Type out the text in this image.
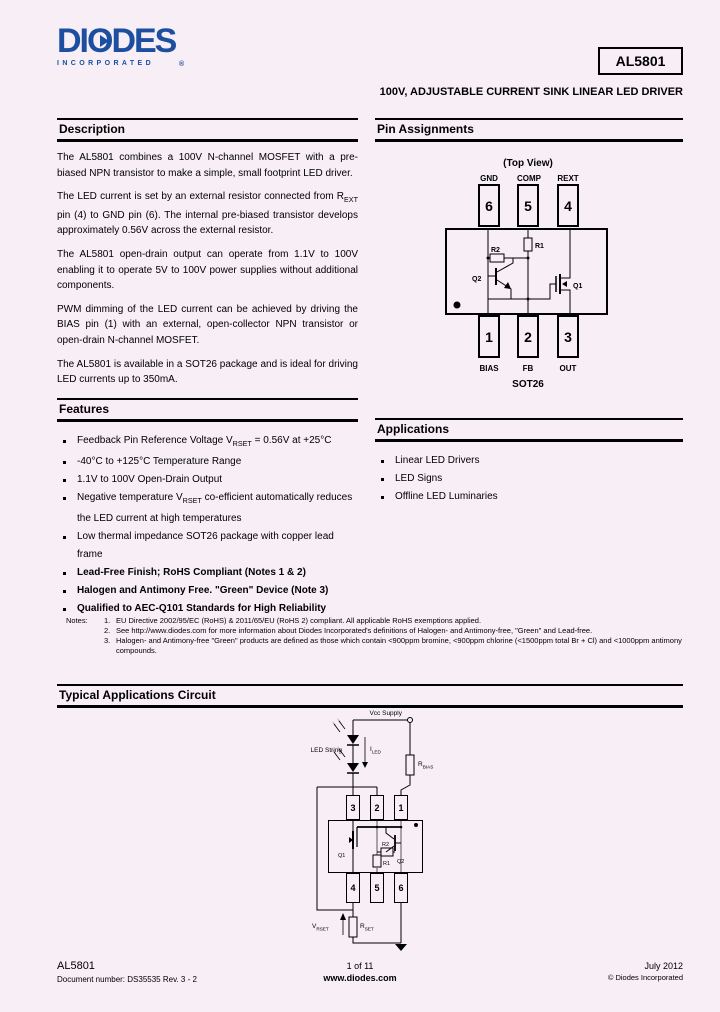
DIODES
®
INCORPORATED	AL5801
100V, ADJUSTABLE CURRENT SINK LINEAR LED DRIVER
Description

The AL5801 combines a 100V N-channel MOSFET with a pre-biased NPN transistor to make a simple, small footprint LED driver.

The LED current is set by an external resistor connected from $R_{EXT}$ pin (4) to GND pin (6). The internal pre-biased transistor develops approximately 0.56V across the external resistor.

The AL5801 open-drain output can operate from 1.1V to 100V enabling it to operate 5V to 100V power supplies without additional components.

PWM dimming of the LED current can be achieved by driving the BIAS pin (1) with an external, open-collector NPN transistor or open-drain N-channel MOSFET.

The AL5801 is available in a SOT26 package and is ideal for driving LED currents up to 350mA.

Features
Feedback Pin Reference Voltage $V_{RSET} = 0.56V$ at +25°C
-40°C to +125°C Temperature Range
1.1V to 100V Open-Drain Output
Negative temperature $V_{RSET}$ co-efficient automatically reduces the LED current at high temperatures
Low thermal impedance SOT26 package with copper lead frame
Lead-Free Finish; RoHS Compliant (Notes 1 & 2)
Halogen and Antimony Free. "Green" Device (Note 3)
Qualified to AEC-Q101 Standards for High Reliability
Pin Assignments
(Top View)
GND
6
COMP
5
REXT
4
R1
R2
Q2
Q1
1
BIAS
2
FB
3
OUT
SOT26
Applications
Linear LED Drivers
LED Signs
Offline LED Luminaries
Notes:	1. EU Directive 2002/95/EC (RoHS) & 2011/65/EU (RoHS 2) compliant. All applicable RoHS exemptions applied.
2. See http://www.diodes.com for more information about Diodes Incorporated's definitions of Halogen- and Antimony-free, "Green" and Lead-free.
3. Halogen- and Antimony-free "Green" products are defined as those which contain <900ppm bromine, <900ppm chlorine (<1500ppm total Br + Cl) and <1000ppm antimony compounds.
Typical Applications Circuit
R1
R2
Q1
Q2
3 2 1
4 5 6
Vcc Supply
LED String	$I_{LED}$
$R_{BIAS}$
$V_{RSET}$	$R_{SET}$
AL5801
Document number: DS35535 Rev. 3 - 2
1 of 11
www.diodes.com
July 2012
© Diodes Incorporated
